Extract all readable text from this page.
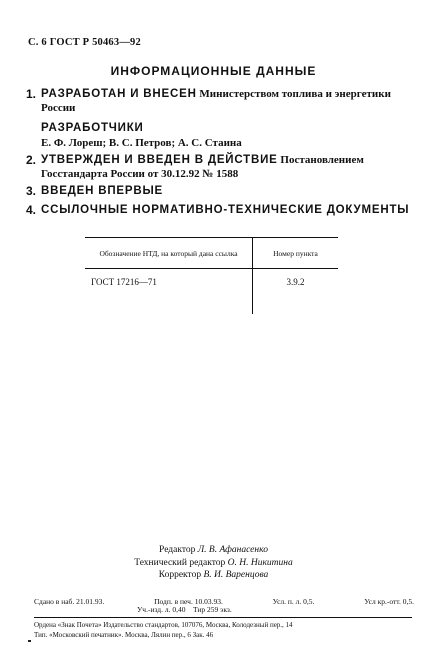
С. 6 ГОСТ Р 50463—92
ИНФОРМАЦИОННЫЕ ДАННЫЕ
1. РАЗРАБОТАН И ВНЕСЕН Министерством топлива и энергетики России
РАЗРАБОТЧИКИ
Е. Ф. Лореш; В. С. Петров; А. С. Стаина
2. УТВЕРЖДЕН И ВВЕДЕН В ДЕЙСТВИЕ Постановлением Госстандарта России от 30.12.92 № 1588
3. ВВЕДЕН ВПЕРВЫЕ
4. ССЫЛОЧНЫЕ НОРМАТИВНО-ТЕХНИЧЕСКИЕ ДОКУМЕНТЫ
Обозначение НТД, на который дана ссылка	Номер пункта
ГОСТ 17216—71	3.9.2
Редактор Л. В. Афанасенко
Технический редактор О. Н. Никитина
Корректор В. И. Варенцова
Сдано в наб. 21.01.93.	Подп. в печ. 10.03.93.	Усл. п. л. 0,5.	Усл кр.-отт. 0,5.
Уч.-изд. л. 0,40 Тир 259 экз.
Ордена «Знак Почета» Издательство стандартов, 107076, Москва, Колодезный пер., 14
Тип. «Московский печатник». Москва, Лялин пер., 6 Зак. 46
